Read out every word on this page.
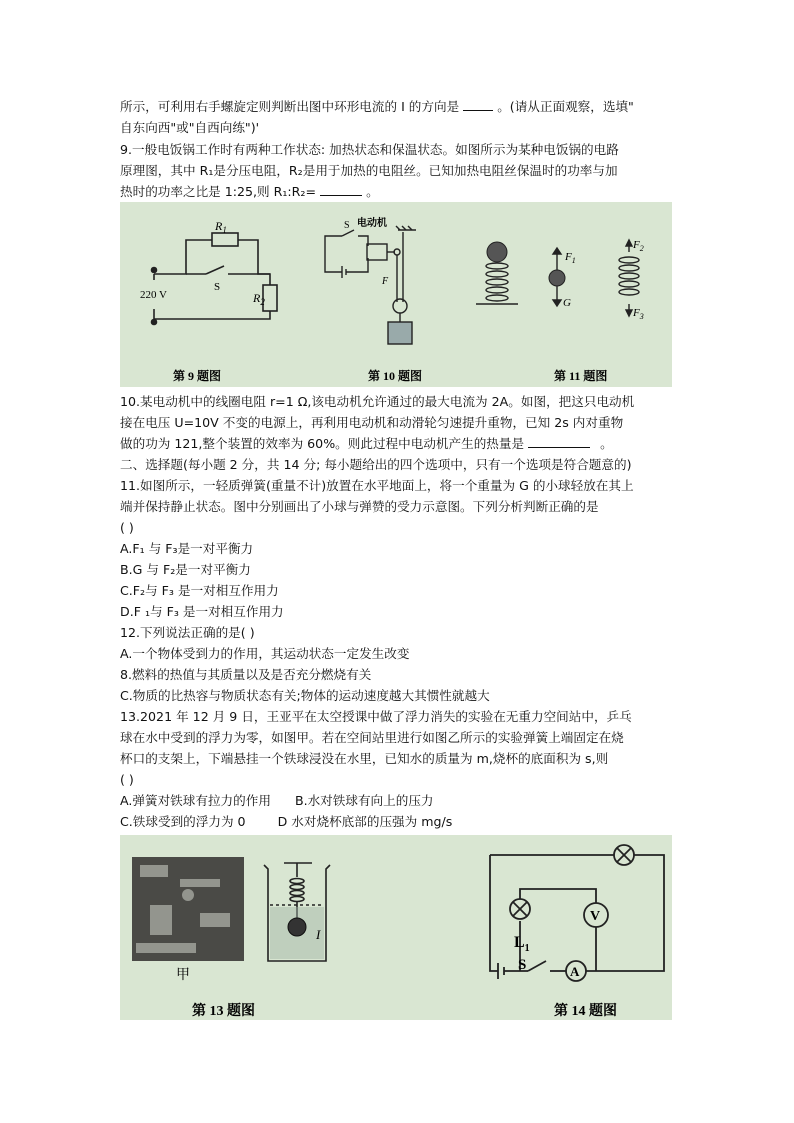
所示，可利用右手螺旋定则判断出图中环形电流的 I 的方向是	。(请从正面观察，选填"
自东向西"或"自西向练")'
9.一般电饭锅工作时有两种工作状态: 加热状态和保温状态。如图所示为某种电饭锅的电路
原理图，其中 R₁是分压电阻，R₂是用于加热的电阻丝。已知加热电阻丝保温时的功率与加
热时的功率之比是 1:25,则 R₁:R₂=	。
$R_1$
S
220 V	$R_2$
第 9 题图
S 电动机
F
第 10 题图
$F_1$
G
$F_2$
$F_3$
第 11 题图
10.某电动机中的线圈电阻 r=1 Ω,该电动机允许通过的最大电流为 2A。如图，把这只电动机
接在电压 U=10V 不变的电源上，再利用电动机和动滑轮匀速提升重物，已知 2s 内对重物
做的功为 121,整个装置的效率为 60%。则此过程中电动机产生的热量是	。
二、选择题(每小题 2 分，共 14 分; 每小题给出的四个选项中，只有一个选项是符合题意的)
11.如图所示，一轻质弹簧(重量不计)放置在水平地面上，将一个重量为 G 的小球轻放在其上
端并保持静止状态。图中分别画出了小球与弹赞的受力示意图。下列分析判断正确的是
( )
A.F₁ 与 F₃是一对平衡力
B.G 与 F₂是一对平衡力
C.F₂与 F₃ 是一对相互作用力
D.F ₁与 F₃ 是一对相互作用力
12.下列说法正确的是( )
A.一个物体受到力的作用，其运动状态一定发生改变
8.燃料的热值与其质量以及是否充分燃烧有关
C.物质的比热容与物质状态有关;物体的运动速度越大其惯性就越大
13.2021 年 12 月 9 日，王亚平在太空授课中做了浮力消失的实验在无重力空间站中，乒乓
球在水中受到的浮力为零，如图甲。若在空间站里进行如图乙所示的实验弹簧上端固定在烧
杯口的支架上，下端悬挂一个铁球浸没在水里，已知水的质量为 m,烧杯的底面积为 s,则
( )
A.弹簧对铁球有拉力的作用      B.水对铁球有向上的压力
C.铁球受到的浮力为 0        D 水对烧杯底部的压强为 mg/s
甲
I
第 13 题图
$L_1$
S	A
V
第 14 题图
